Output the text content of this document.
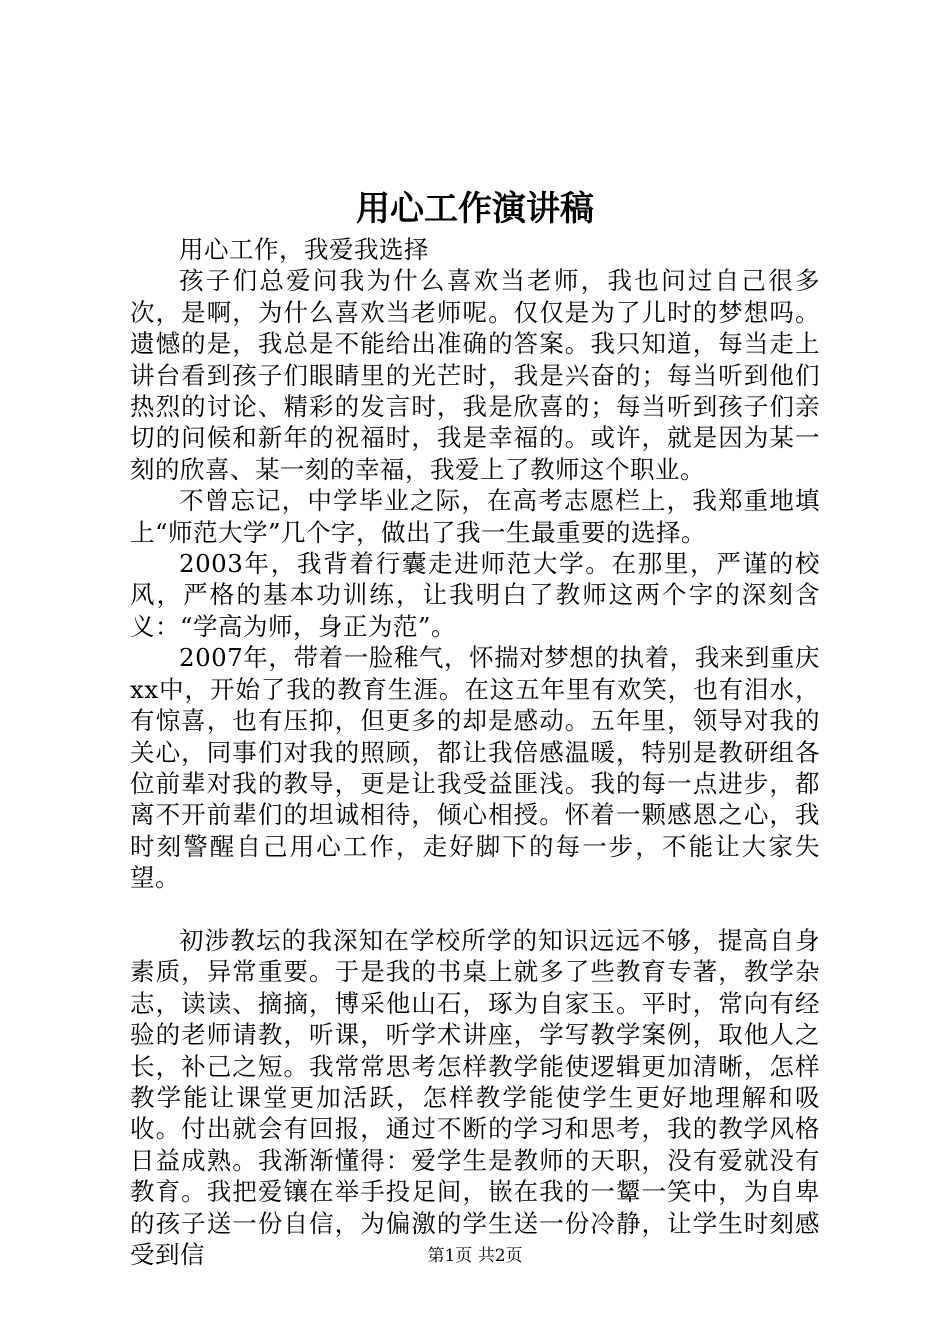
用心工作演讲稿

用心工作，我爱我选择

孩子们总爱问我为什么喜欢当老师，我也问过自己很多次，是啊，为什么喜欢当老师呢。仅仅是为了儿时的梦想吗。遗憾的是，我总是不能给出准确的答案。我只知道，每当走上讲台看到孩子们眼睛里的光芒时，我是兴奋的；每当听到他们热烈的讨论、精彩的发言时，我是欣喜的；每当听到孩子们亲切的问候和新年的祝福时，我是幸福的。或许，就是因为某一刻的欣喜、某一刻的幸福，我爱上了教师这个职业。

不曾忘记，中学毕业之际，在高考志愿栏上，我郑重地填上“师范大学”几个字，做出了我一生最重要的选择。

2003年，我背着行囊走进师范大学。在那里，严谨的校风，严格的基本功训练，让我明白了教师这两个字的深刻含义：“学高为师，身正为范”。

2007年，带着一脸稚气，怀揣对梦想的执着，我来到重庆xx中，开始了我的教育生涯。在这五年里有欢笑，也有泪水，有惊喜，也有压抑，但更多的却是感动。五年里，领导对我的关心，同事们对我的照顾，都让我倍感温暖，特别是教研组各位前辈对我的教导，更是让我受益匪浅。我的每一点进步，都离不开前辈们的坦诚相待，倾心相授。怀着一颗感恩之心，我时刻警醒自己用心工作，走好脚下的每一步，不能让大家失望。

初涉教坛的我深知在学校所学的知识远远不够，提高自身素质，异常重要。于是我的书桌上就多了些教育专著，教学杂志，读读、摘摘，博采他山石，琢为自家玉。平时，常向有经验的老师请教，听课，听学术讲座，学写教学案例，取他人之长，补己之短。我常常思考怎样教学能使逻辑更加清晰，怎样教学能让课堂更加活跃，怎样教学能使学生更好地理解和吸收。付出就会有回报，通过不断的学习和思考，我的教学风格日益成熟。我渐渐懂得：爱学生是教师的天职，没有爱就没有教育。我把爱镶在举手投足间，嵌在我的一颦一笑中，为自卑的孩子送一份自信，为偏激的学生送一份冷静，让学生时刻感受到信	第1页 共2页
